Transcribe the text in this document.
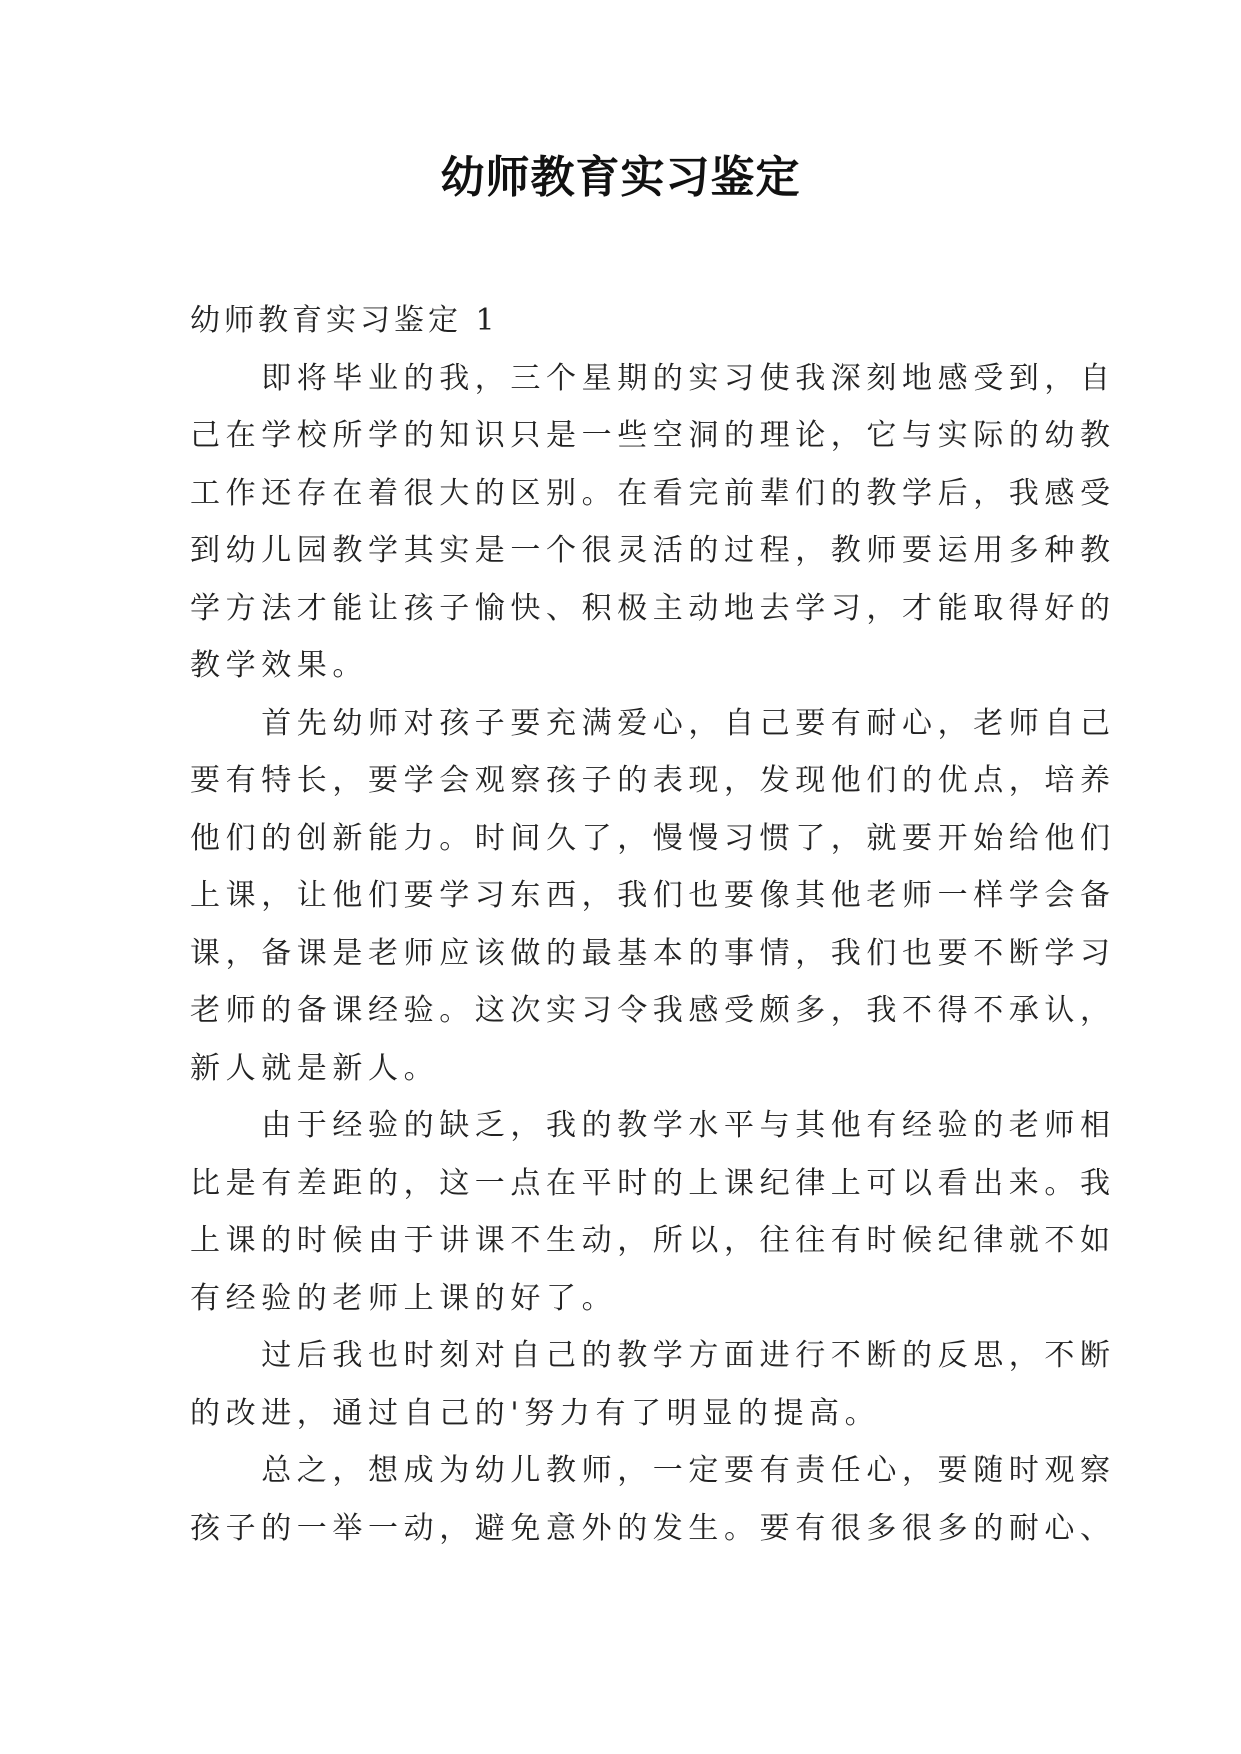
幼师教育实习鉴定
幼师教育实习鉴定 1
　　即将毕业的我，三个星期的实习使我深刻地感受到，自
己在学校所学的知识只是一些空洞的理论，它与实际的幼教
工作还存在着很大的区别。在看完前辈们的教学后，我感受
到幼儿园教学其实是一个很灵活的过程，教师要运用多种教
学方法才能让孩子愉快、积极主动地去学习，才能取得好的
教学效果。
　　首先幼师对孩子要充满爱心，自己要有耐心，老师自己
要有特长，要学会观察孩子的表现，发现他们的优点，培养
他们的创新能力。时间久了，慢慢习惯了，就要开始给他们
上课，让他们要学习东西，我们也要像其他老师一样学会备
课，备课是老师应该做的最基本的事情，我们也要不断学习
老师的备课经验。这次实习令我感受颇多，我不得不承认，
新人就是新人。
　　由于经验的缺乏，我的教学水平与其他有经验的老师相
比是有差距的，这一点在平时的上课纪律上可以看出来。我
上课的时候由于讲课不生动，所以，往往有时候纪律就不如
有经验的老师上课的好了。
　　过后我也时刻对自己的教学方面进行不断的反思，不断
的改进，通过自己的'努力有了明显的提高。
　　总之，想成为幼儿教师，一定要有责任心，要随时观察
孩子的一举一动，避免意外的发生。要有很多很多的耐心、
